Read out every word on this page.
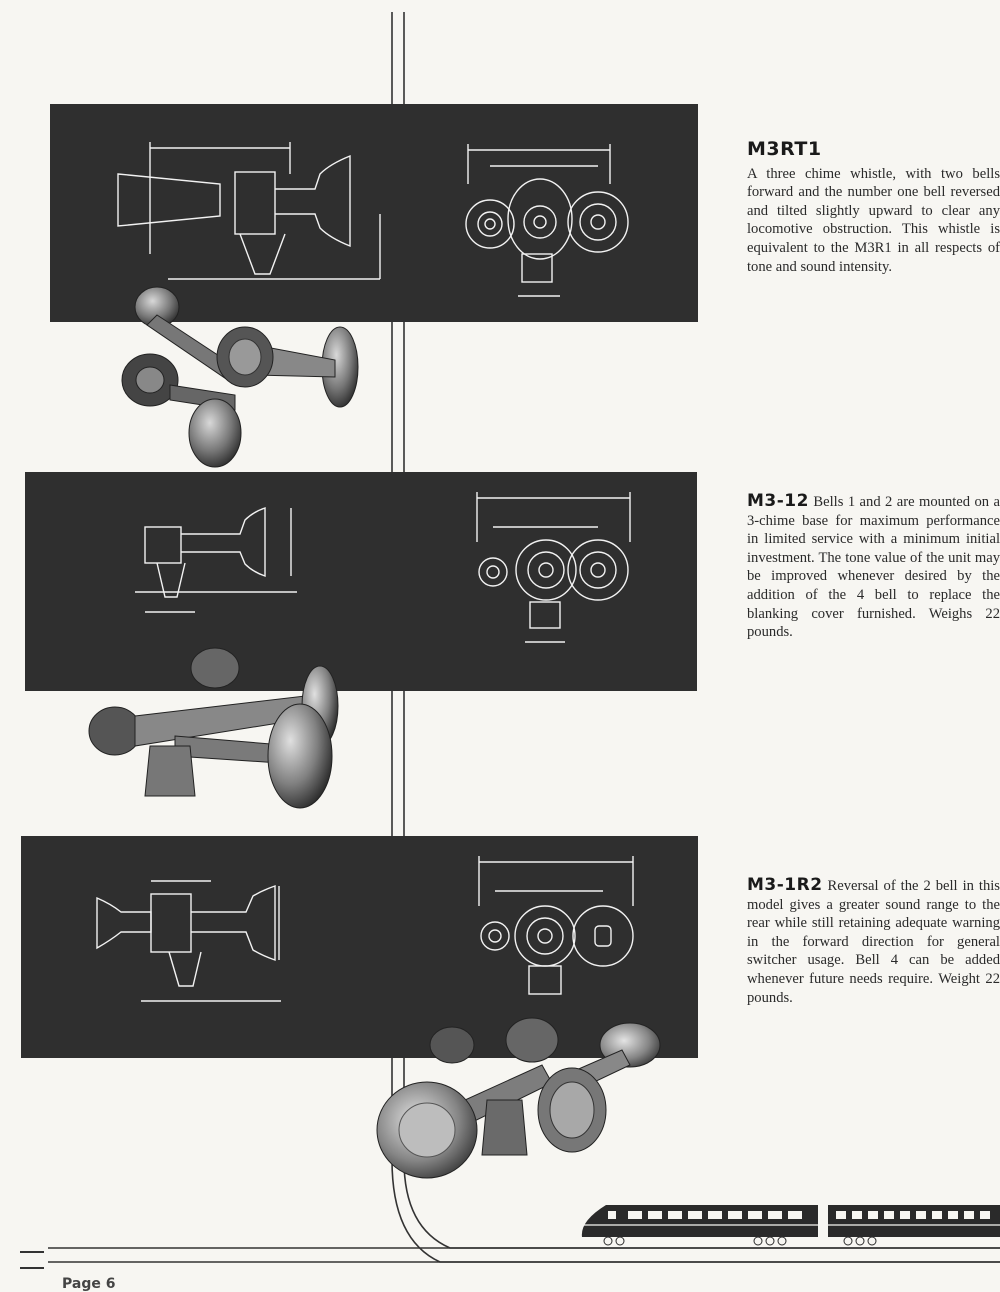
M3RT1
A three chime whistle, with two bells forward and the number one bell reversed and tilted slightly upward to clear any locomotive obstruction. This whistle is equivalent to the M3R1 in all respects of tone and sound intensity.
M3-12 Bells 1 and 2 are mounted on a 3-chime base for maximum performance in limited service with a minimum initial investment. The tone value of the unit may be improved whenever desired by the addition of the 4 bell to replace the blanking cover furnished. Weighs 22 pounds.
M3-1R2 Reversal of the 2 bell in this model gives a greater sound range to the rear while still retaining adequate warning in the forward direction for general switcher usage. Bell 4 can be added whenever future needs require. Weight 22 pounds.
Page 6
